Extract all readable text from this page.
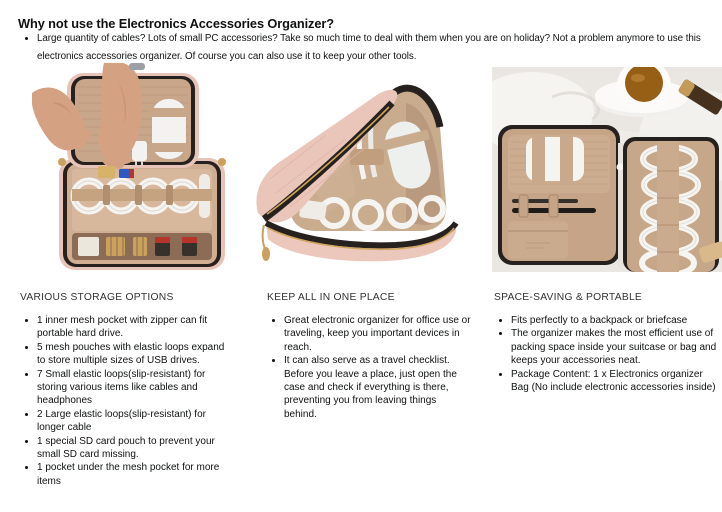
Why not use the Electronics Accessories Organizer?
• Large quantity of cables? Lots of small PC accessories? Take so much time to deal with them when you are on holiday? Not a problem anymore to use this electronics accessories organizer. Of course you can also use it to keep your other tools.
VARIOUS STORAGE OPTIONS
• 1 inner mesh pocket with zipper can fit portable hard drive.
• 5 mesh pouches with elastic loops expand to store multiple sizes of USB drives.
• 7 Small elastic loops(slip-resistant) for storing various items like cables and headphones
• 2 Large elastic loops(slip-resistant) for longer cable
• 1 special SD card pouch to prevent your small SD card missing.
• 1 pocket under the mesh pocket for more items
KEEP ALL IN ONE PLACE
• Great electronic organizer for office use or traveling, keep you important devices in reach.
• It can also serve as a travel checklist. Before you leave a place, just open the case and check if everything is there, preventing you from leaving things behind.
SPACE-SAVING & PORTABLE
• Fits perfectly to a backpack or briefcase
• The organizer makes the most efficient use of packing space inside your suitcase or bag and keeps your accessories neat.
• Package Content: 1 x Electronics organizer Bag (No include electronic accessories inside)
